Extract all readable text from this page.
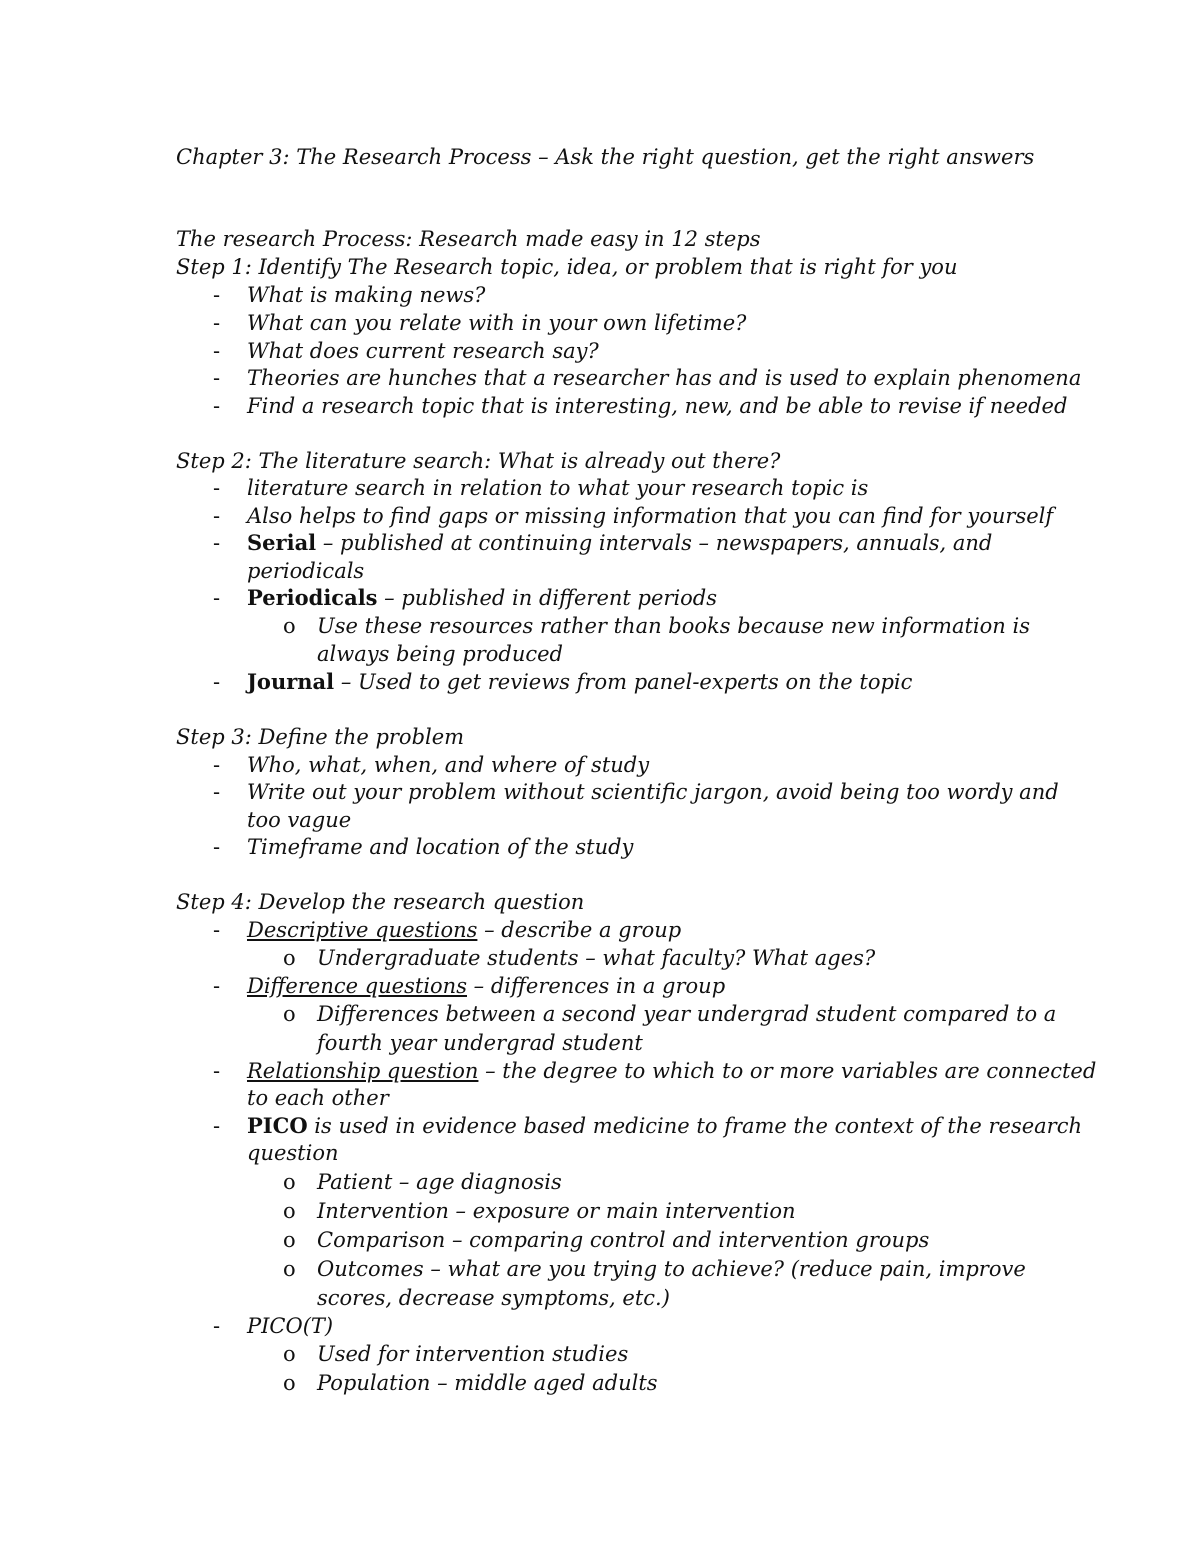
Chapter 3: The Research Process – Ask the right question, get the right answers
The research Process: Research made easy in 12 steps
Step 1: Identify The Research topic, idea, or problem that is right for you
- What is making news?
- What can you relate with in your own lifetime?
- What does current research say?
- Theories are hunches that a researcher has and is used to explain phenomena
- Find a research topic that is interesting, new, and be able to revise if needed
Step 2: The literature search: What is already out there?
- literature search in relation to what your research topic is
- Also helps to find gaps or missing information that you can find for yourself
- Serial – published at continuing intervals – newspapers, annuals, and
periodicals
- Periodicals – published in different periods
o Use these resources rather than books because new information is
always being produced
- Journal – Used to get reviews from panel-experts on the topic
Step 3: Define the problem
- Who, what, when, and where of study
- Write out your problem without scientific jargon, avoid being too wordy and
too vague
- Timeframe and location of the study
Step 4: Develop the research question
- Descriptive questions – describe a group
o Undergraduate students – what faculty? What ages?
- Difference questions – differences in a group
o Differences between a second year undergrad student compared to a
fourth year undergrad student
- Relationship question – the degree to which to or more variables are connected
to each other
- PICO is used in evidence based medicine to frame the context of the research
question
o Patient – age diagnosis
o Intervention – exposure or main intervention
o Comparison – comparing control and intervention groups
o Outcomes – what are you trying to achieve? (reduce pain, improve
scores, decrease symptoms, etc.)
- PICO(T)
o Used for intervention studies
o Population – middle aged adults
